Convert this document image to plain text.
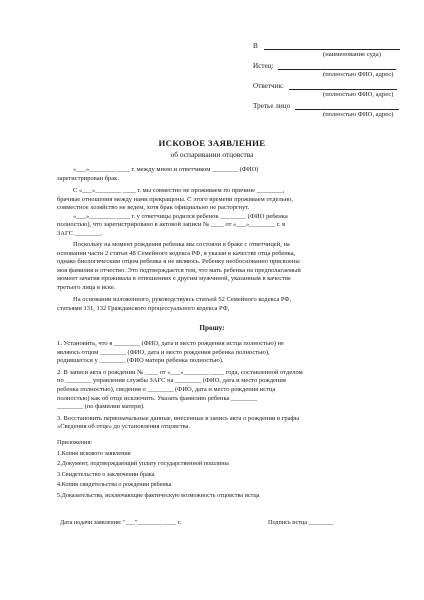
В
(наименование суда)
Истец:
(полностью ФИО, адрес)
Ответчик:
(полностью ФИО, адрес)
Третье лицо
(полностью ФИО, адрес)
ИСКОВОЕ ЗАЯВЛЕНИЕ
об оспаривании отцовства
«___»________ ____ г. между мною и ответчиком ________ (ФИО)
зарегистрирован брак.
С «___»________ ____ г. мы совместно не проживаем по причине ________,
брачные отношения между нами прекращены. С этого времени проживаем отдельно,
совместное хозяйство не ведем, хотя брак официально не расторгнут.
«___»________ ____ г. у ответчицы родился ребенок ________ (ФИО ребенка
полностью), что зарегистрировано в актовой записи № ____ от «___»________ г. в
ЗАГС ________.
Поскольку на момент рождения ребенка мы состояли в браке с ответчицей, на
основании части 2 статьи 48 Семейного кодекса РФ, я указан в качестве отца ребенка,
однако биологическим отцом ребенка я не являюсь. Ребенку необоснованно присвоены
моя фамилия и отчество. Это подтверждается тем, что мать ребенка на предполагаемый
момент зачатия проживала в отношениях с другим мужчиной, указанным в качестве
третьего лица в иске.
На основании изложенного, руководствуясь статьей 52 Семейного кодекса РФ,
статьями 131, 132 Гражданского процессуального кодекса РФ,
Прошу:
1. Установить, что я ________ (ФИО, дата и место рождения истца полностью) не
являюсь отцом ________ (ФИО, дата и место рождения ребенка полностью),
родившегося у ________ (ФИО матери ребенка полностью).
2. В записи акта о рождении № ____ от «___»________ ____ года, составленной отделом
по ________ управления службы ЗАГС на ________ (ФИО, дата и место рождения
ребенка полностью), сведения о ________ (ФИО, дата и место рождения истца
полностью) как об отце исключить. Указать фамилию ребенка ________
________ (по фамилии матери).
3. Восстановить первоначальные данные, внесенные в запись акта о рождении в графы
«Сведения об отце» до установления отцовства.
Приложения:
1.Копия искового заявления
2.Документ, подтверждающий уплату государственной пошлины
3.Свидетельство о заключении брака
4.Копия свидетельства о рождении ребенка
5.Доказательства, исключающие фактическую возможность отцовства истца
Дата подачи заявления: "___"________ ____ г.	Подпись истца ________
